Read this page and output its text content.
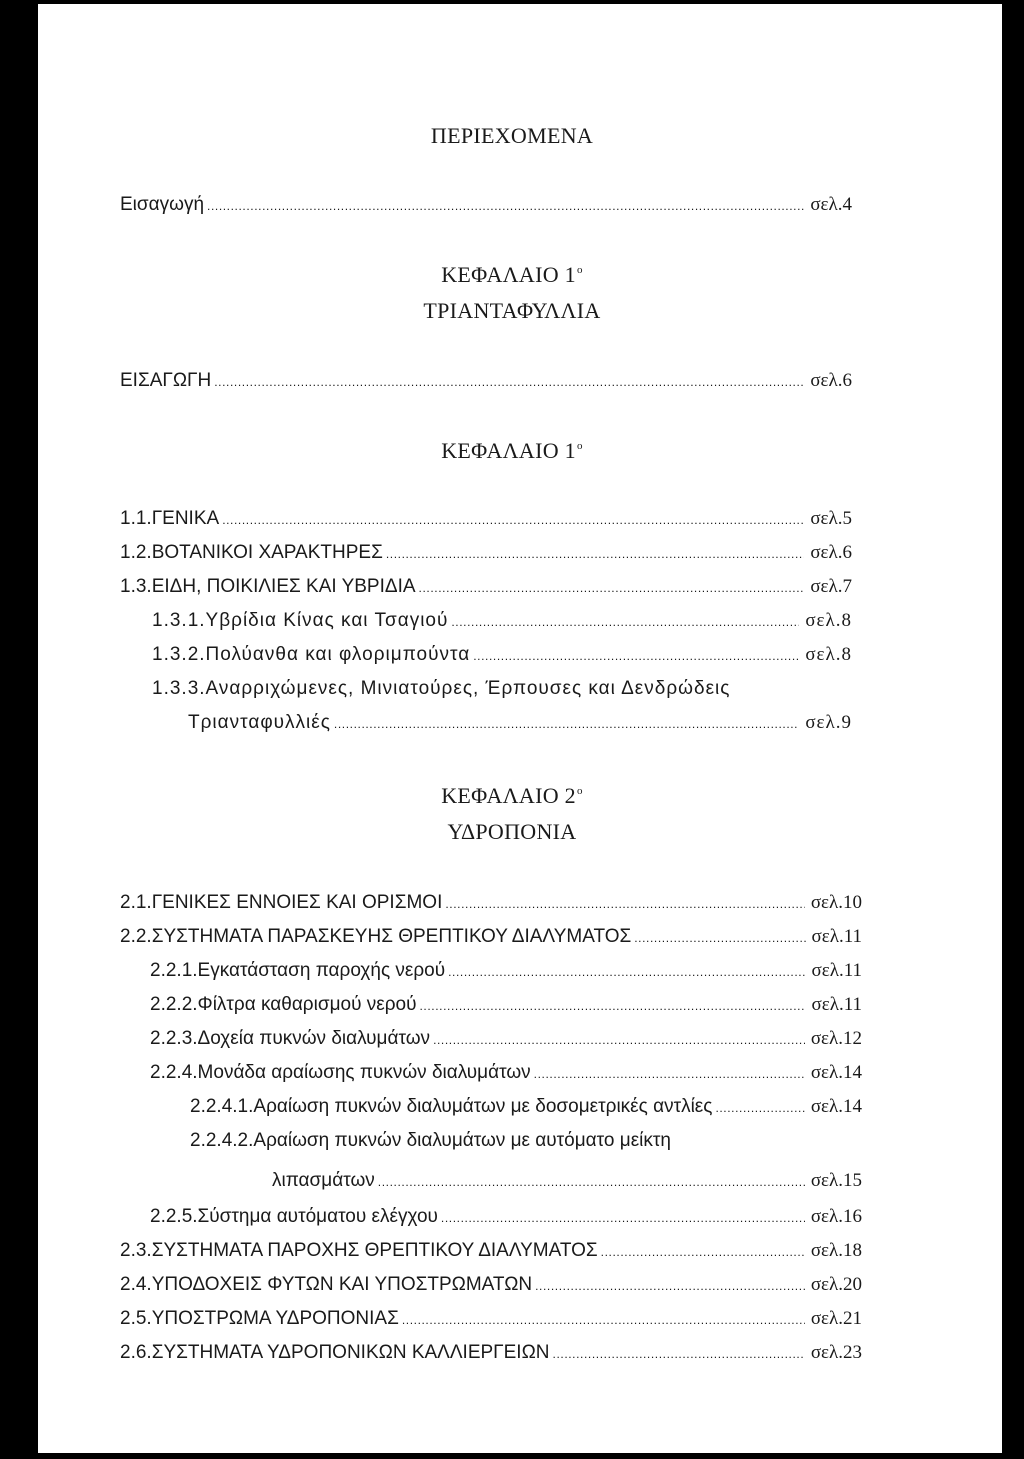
ΠΕΡΙΕΧΟΜΕΝΑ
Εισαγωγή .....	σελ.4
ΚΕΦΑΛΑΙΟ $1^o$
ΤΡΙΑΝΤΑΦΥΛΛΙΑ
ΕΙΣΑΓΩΓΗ .....	σελ.6
ΚΕΦΑΛΑΙΟ $1^o$
1.1. ΓΕΝΙΚΑ .....	σελ.5
1.2. ΒΟΤΑΝΙΚΟΙ ΧΑΡΑΚΤΗΡΕΣ .....	σελ.6
1.3. ΕΙΔΗ, ΠΟΙΚΙΛΙΕΣ ΚΑΙ ΥΒΡΙΔΙΑ .....	σελ.7
1.3.1. Υβρίδια Κίνας και Τσαγιού .....	σελ.8
1.3.2. Πολύανθα και φλοριμπούντα .....	σελ.8
1.3.3.Αναρριχώμενες, Μινιατούρες, Έρπουσες και Δενδρώδεις
Τριανταφυλλιές .....	σελ.9
ΚΕΦΑΛΑΙΟ $2^o$
ΥΔΡΟΠΟΝΙΑ
2.1. ΓΕΝΙΚΕΣ ΕΝΝΟΙΕΣ ΚΑΙ ΟΡΙΣΜΟΙ .....	σελ.10
2.2. ΣΥΣΤΗΜΑΤΑ ΠΑΡΑΣΚΕΥΗΣ ΘΡΕΠΤΙΚΟΥ ΔΙΑΛΥΜΑΤΟΣ .....	σελ.11
2.2.1. Εγκατάσταση παροχής νερού .....	σελ.11
2.2.2. Φίλτρα καθαρισμού νερού .....	σελ.11
2.2.3. Δοχεία πυκνών διαλυμάτων .....	σελ.12
2.2.4. Μονάδα αραίωσης πυκνών διαλυμάτων .....	σελ.14
2.2.4.1. Αραίωση πυκνών διαλυμάτων με δοσομετρικές αντλίες .....	σελ.14
2.2.4.2.Αραίωση πυκνών διαλυμάτων με αυτόματο μείκτη
λιπασμάτων .....	σελ.15
2.2.5. Σύστημα αυτόματου ελέγχου .....	σελ.16
2.3. ΣΥΣΤΗΜΑΤΑ ΠΑΡΟΧΗΣ ΘΡΕΠΤΙΚΟΥ ΔΙΑΛΥΜΑΤΟΣ .....	σελ.18
2.4. ΥΠΟΔΟΧΕΙΣ ΦΥΤΩΝ ΚΑΙ ΥΠΟΣΤΡΩΜΑΤΩΝ .....	σελ.20
2.5. ΥΠΟΣΤΡΩΜΑ ΥΔΡΟΠΟΝΙΑΣ .....	σελ.21
2.6. ΣΥΣΤΗΜΑΤΑ ΥΔΡΟΠΟΝΙΚΩΝ ΚΑΛΛΙΕΡΓΕΙΩΝ .....	σελ.23
